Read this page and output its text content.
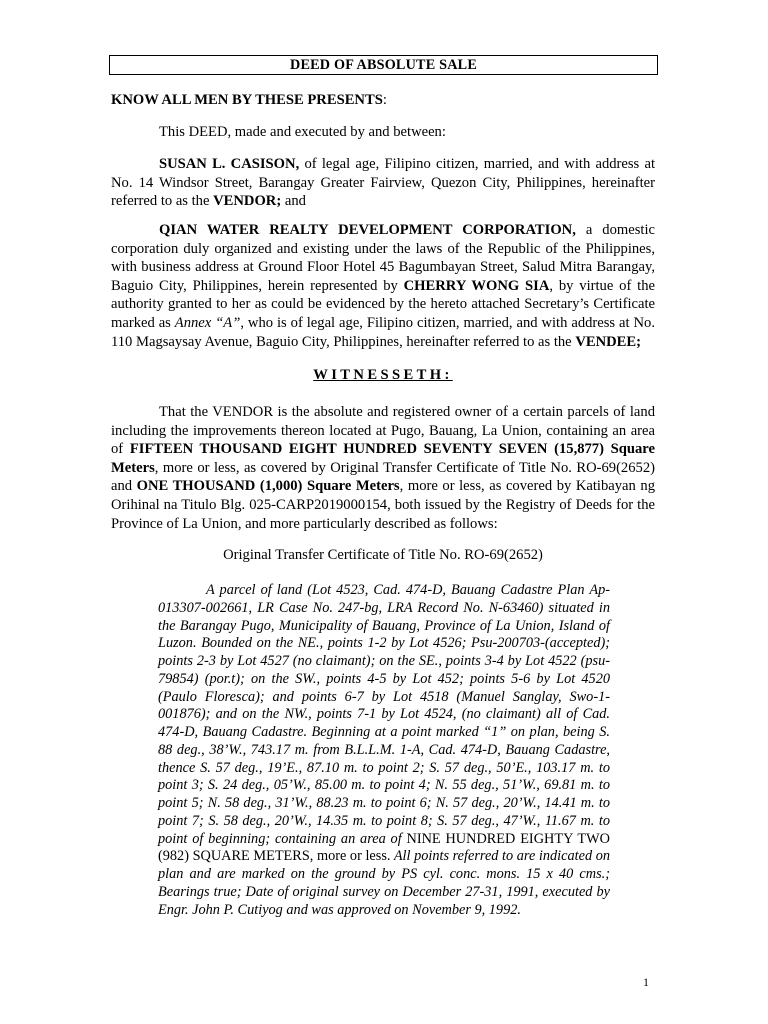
DEED OF ABSOLUTE SALE
KNOW ALL MEN BY THESE PRESENTS:
This DEED, made and executed by and between:
SUSAN L. CASISON, of legal age, Filipino citizen, married, and with address at No. 14 Windsor Street, Barangay Greater Fairview, Quezon City, Philippines, hereinafter referred to as the VENDOR; and
QIAN WATER REALTY DEVELOPMENT CORPORATION, a domestic corporation duly organized and existing under the laws of the Republic of the Philippines, with business address at Ground Floor Hotel 45 Bagumbayan Street, Salud Mitra Barangay, Baguio City, Philippines, herein represented by CHERRY WONG SIA, by virtue of the authority granted to her as could be evidenced by the hereto attached Secretary’s Certificate marked as Annex “A”, who is of legal age, Filipino citizen, married, and with address at No. 110 Magsaysay Avenue, Baguio City, Philippines, hereinafter referred to as the VENDEE;
WITNESSETH:
That the VENDOR is the absolute and registered owner of a certain parcels of land including the improvements thereon located at Pugo, Bauang, La Union, containing an area of FIFTEEN THOUSAND EIGHT HUNDRED SEVENTY SEVEN (15,877) Square Meters, more or less, as covered by Original Transfer Certificate of Title No. RO-69(2652) and ONE THOUSAND (1,000) Square Meters, more or less, as covered by Katibayan ng Orihinal na Titulo Blg. 025-CARP2019000154, both issued by the Registry of Deeds for the Province of La Union, and more particularly described as follows:
Original Transfer Certificate of Title No. RO-69(2652)
A parcel of land (Lot 4523, Cad. 474-D, Bauang Cadastre Plan Ap-013307-002661, LR Case No. 247-bg, LRA Record No. N-63460) situated in the Barangay Pugo, Municipality of Bauang, Province of La Union, Island of Luzon. Bounded on the NE., points 1-2 by Lot 4526; Psu-200703-(accepted); points 2-3 by Lot 4527 (no claimant); on the SE., points 3-4 by Lot 4522 (psu-79854) (por.t); on the SW., points 4-5 by Lot 452; points 5-6 by Lot 4520 (Paulo Floresca); and points 6-7 by Lot 4518 (Manuel Sanglay, Swo-1-001876); and on the NW., points 7-1 by Lot 4524, (no claimant) all of Cad. 474-D, Bauang Cadastre. Beginning at a point marked “1” on plan, being S. 88 deg., 38’W., 743.17 m. from B.L.L.M. 1-A, Cad. 474-D, Bauang Cadastre, thence S. 57 deg., 19’E., 87.10 m. to point 2; S. 57 deg., 50’E., 103.17 m. to point 3; S. 24 deg., 05’W., 85.00 m. to point 4; N. 55 deg., 51’W., 69.81 m. to point 5; N. 58 deg., 31’W., 88.23 m. to point 6; N. 57 deg., 20’W., 14.41 m. to point 7; S. 58 deg., 20’W., 14.35 m. to point 8; S. 57 deg., 47’W., 11.67 m. to point of beginning; containing an area of NINE HUNDRED EIGHTY TWO (982) SQUARE METERS, more or less. All points referred to are indicated on plan and are marked on the ground by PS cyl. conc. mons. 15 x 40 cms.; Bearings true; Date of original survey on December 27-31, 1991, executed by Engr. John P. Cutiyog and was approved on November 9, 1992.
1
